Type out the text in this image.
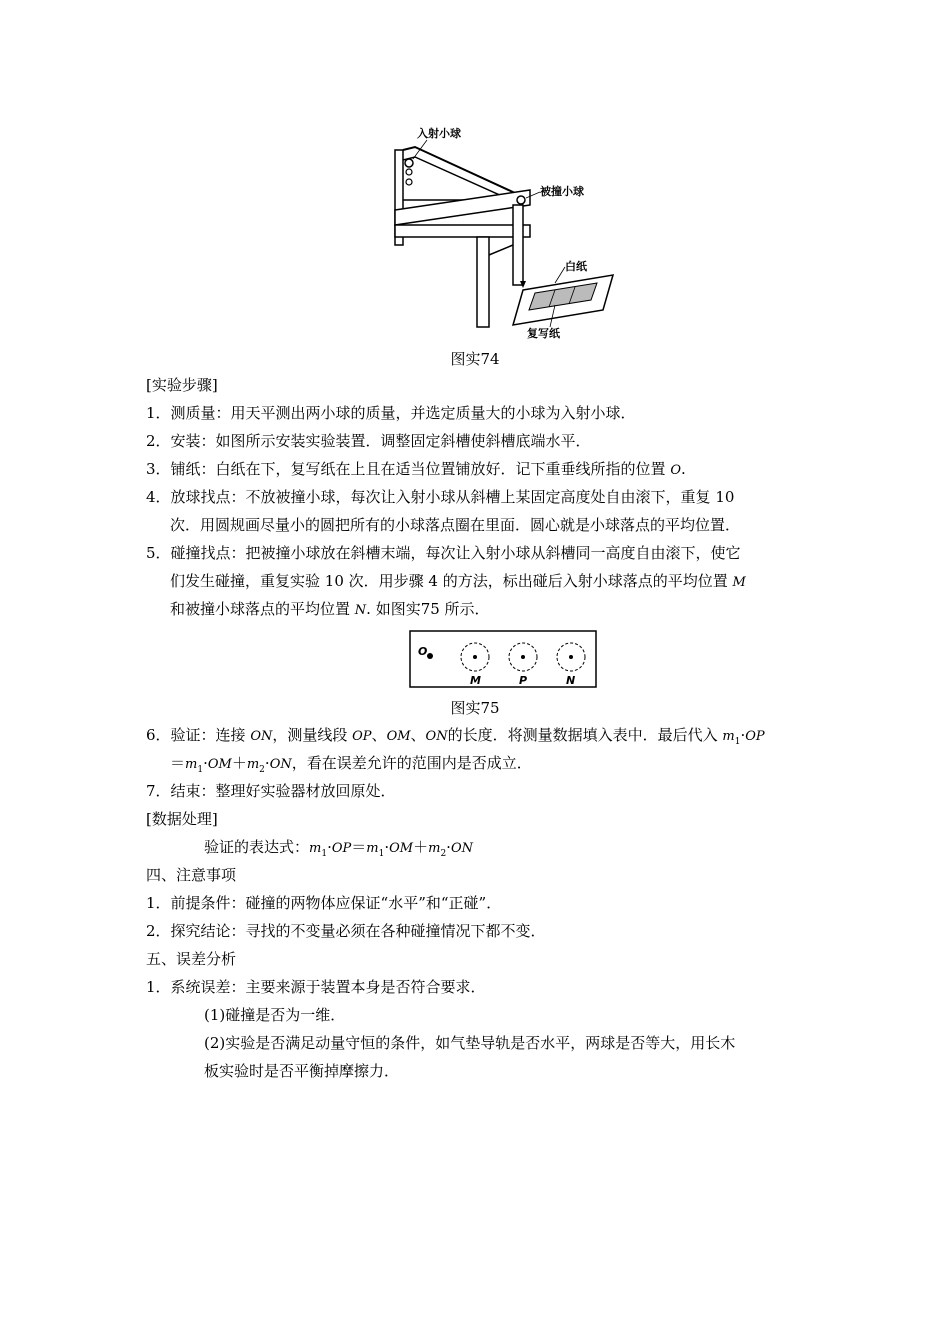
入射小球
被撞小球
白纸
复写纸
图实74
[实验步骤]
1．测质量：用天平测出两小球的质量，并选定质量大的小球为入射小球．
2．安装：如图所示安装实验装置．调整固定斜槽使斜槽底端水平．
3．铺纸：白纸在下，复写纸在上且在适当位置铺放好．记下重垂线所指的位置 O.
4．放球找点：不放被撞小球，每次让入射小球从斜槽上某固定高度处自由滚下，重复 10
次．用圆规画尽量小的圆把所有的小球落点圈在里面．圆心就是小球落点的平均位置．
5．碰撞找点：把被撞小球放在斜槽末端，每次让入射小球从斜槽同一高度自由滚下，使它
们发生碰撞，重复实验 10 次．用步骤 4 的方法，标出碰后入射小球落点的平均位置 M
和被撞小球落点的平均位置 N. 如图实75 所示．
O
M	P	N
图实75
6．验证：连接 ON，测量线段 OP、OM、ON的长度．将测量数据填入表中．最后代入 $m_1\cdot OP$
$=m_1\cdot OM+m_2\cdot ON$，看在误差允许的范围内是否成立．
7．结束：整理好实验器材放回原处．
[数据处理]
验证的表达式：$m_1\cdot OP=m_1\cdot OM+m_2\cdot ON$
四、注意事项
1．前提条件：碰撞的两物体应保证“水平”和“正碰”．
2．探究结论：寻找的不变量必须在各种碰撞情况下都不变．
五、误差分析
1．系统误差：主要来源于装置本身是否符合要求．
(1)碰撞是否为一维．
(2)实验是否满足动量守恒的条件，如气垫导轨是否水平，两球是否等大，用长木
板实验时是否平衡掉摩擦力．
